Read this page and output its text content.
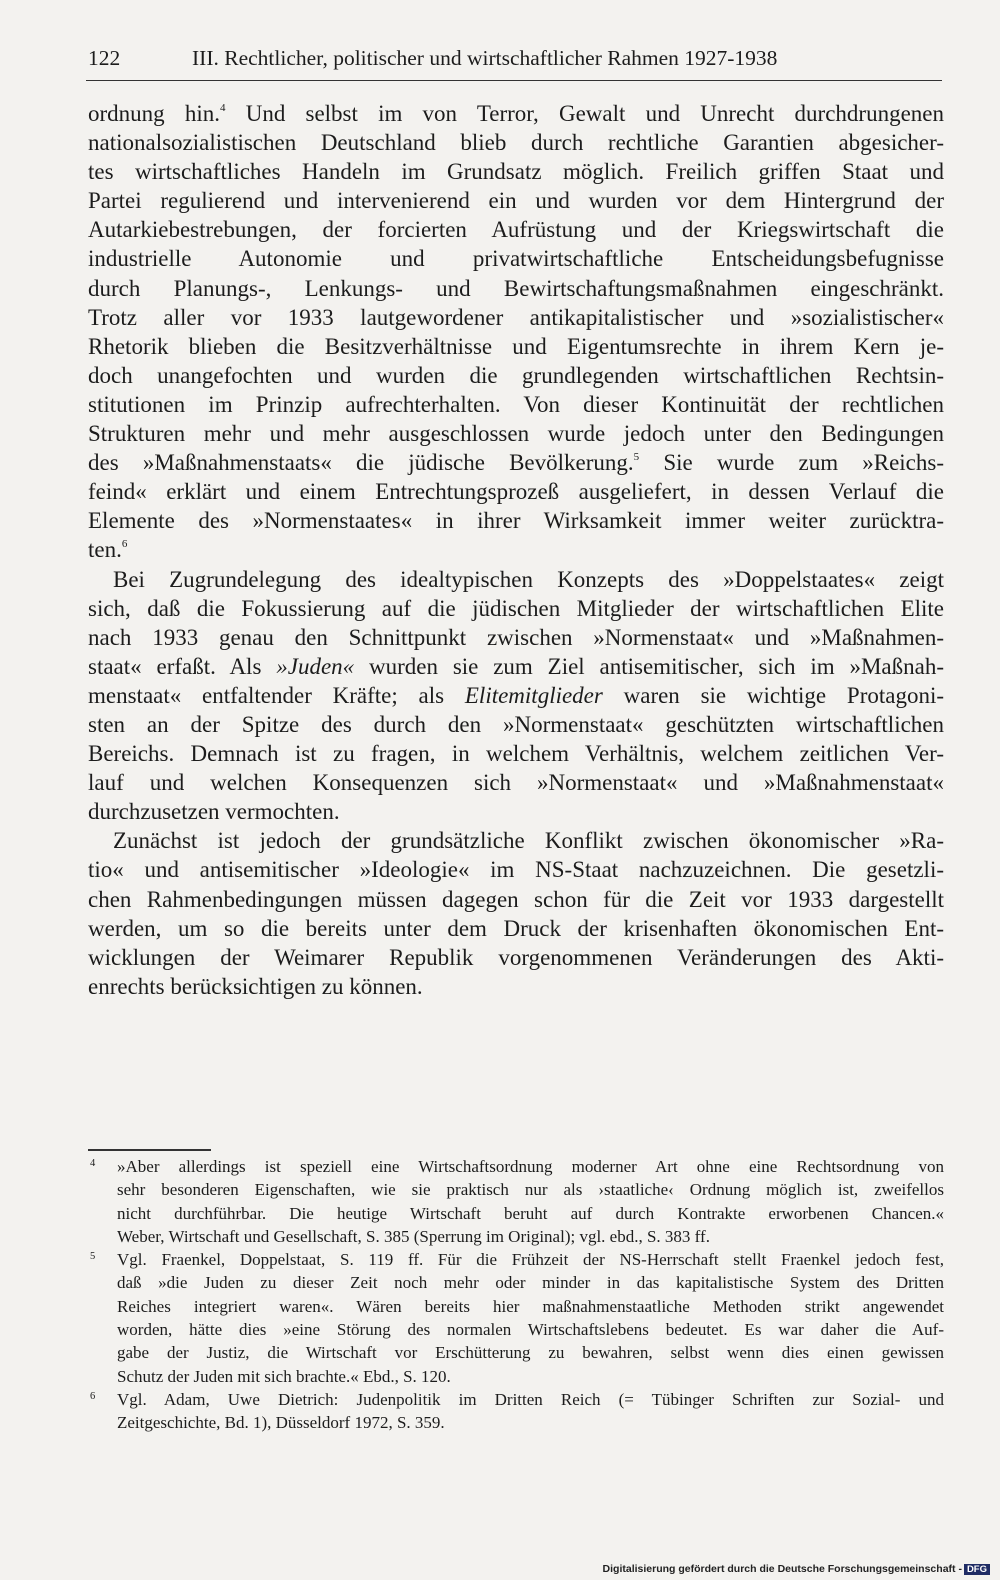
122	III. Rechtlicher, politischer und wirtschaftlicher Rahmen 1927-1938
ordnung hin.$^4$ Und selbst im von Terror, Gewalt und Unrecht durchdrungenen
nationalsozialistischen Deutschland blieb durch rechtliche Garantien abgesicher-
tes wirtschaftliches Handeln im Grundsatz möglich. Freilich griffen Staat und
Partei regulierend und intervenierend ein und wurden vor dem Hintergrund der
Autarkiebestrebungen, der forcierten Aufrüstung und der Kriegswirtschaft die
industrielle Autonomie und privatwirtschaftliche Entscheidungsbefugnisse
durch Planungs-, Lenkungs- und Bewirtschaftungsmaßnahmen eingeschränkt.
Trotz aller vor 1933 lautgewordener antikapitalistischer und »sozialistischer«
Rhetorik blieben die Besitzverhältnisse und Eigentumsrechte in ihrem Kern je-
doch unangefochten und wurden die grundlegenden wirtschaftlichen Rechtsin-
stitutionen im Prinzip aufrechterhalten. Von dieser Kontinuität der rechtlichen
Strukturen mehr und mehr ausgeschlossen wurde jedoch unter den Bedingungen
des »Maßnahmenstaats« die jüdische Bevölkerung.$^5$ Sie wurde zum »Reichs-
feind« erklärt und einem Entrechtungsprozeß ausgeliefert, in dessen Verlauf die
Elemente des »Normenstaates« in ihrer Wirksamkeit immer weiter zurücktra-
ten.$^6$
Bei Zugrundelegung des idealtypischen Konzepts des »Doppelstaates« zeigt
sich, daß die Fokussierung auf die jüdischen Mitglieder der wirtschaftlichen Elite
nach 1933 genau den Schnittpunkt zwischen »Normenstaat« und »Maßnahmen-
staat« erfaßt. Als »Juden« wurden sie zum Ziel antisemitischer, sich im »Maßnah-
menstaat« entfaltender Kräfte; als Elitemitglieder waren sie wichtige Protagoni-
sten an der Spitze des durch den »Normenstaat« geschützten wirtschaftlichen
Bereichs. Demnach ist zu fragen, in welchem Verhältnis, welchem zeitlichen Ver-
lauf und welchen Konsequenzen sich »Normenstaat« und »Maßnahmenstaat«
durchzusetzen vermochten.
Zunächst ist jedoch der grundsätzliche Konflikt zwischen ökonomischer »Ra-
tio« und antisemitischer »Ideologie« im NS-Staat nachzuzeichnen. Die gesetzli-
chen Rahmenbedingungen müssen dagegen schon für die Zeit vor 1933 dargestellt
werden, um so die bereits unter dem Druck der krisenhaften ökonomischen Ent-
wicklungen der Weimarer Republik vorgenommenen Veränderungen des Akti-
enrechts berücksichtigen zu können.
4 »Aber allerdings ist speziell eine Wirtschaftsordnung moderner Art ohne eine Rechtsordnung von
sehr besonderen Eigenschaften, wie sie praktisch nur als ›staatliche‹ Ordnung möglich ist, zweifellos
nicht durchführbar. Die heutige Wirtschaft beruht auf durch Kontrakte erworbenen Chancen.«
Weber, Wirtschaft und Gesellschaft, S. 385 (Sperrung im Original); vgl. ebd., S. 383 ff.
5 Vgl. Fraenkel, Doppelstaat, S. 119 ff. Für die Frühzeit der NS-Herrschaft stellt Fraenkel jedoch fest,
daß »die Juden zu dieser Zeit noch mehr oder minder in das kapitalistische System des Dritten
Reiches integriert waren«. Wären bereits hier maßnahmenstaatliche Methoden strikt angewendet
worden, hätte dies »eine Störung des normalen Wirtschaftslebens bedeutet. Es war daher die Auf-
gabe der Justiz, die Wirtschaft vor Erschütterung zu bewahren, selbst wenn dies einen gewissen
Schutz der Juden mit sich brachte.« Ebd., S. 120.
6 Vgl. Adam, Uwe Dietrich: Judenpolitik im Dritten Reich (= Tübinger Schriften zur Sozial- und
Zeitgeschichte, Bd. 1), Düsseldorf 1972, S. 359.
Digitalisierung gefördert durch die Deutsche Forschungsgemeinschaft - DFG
